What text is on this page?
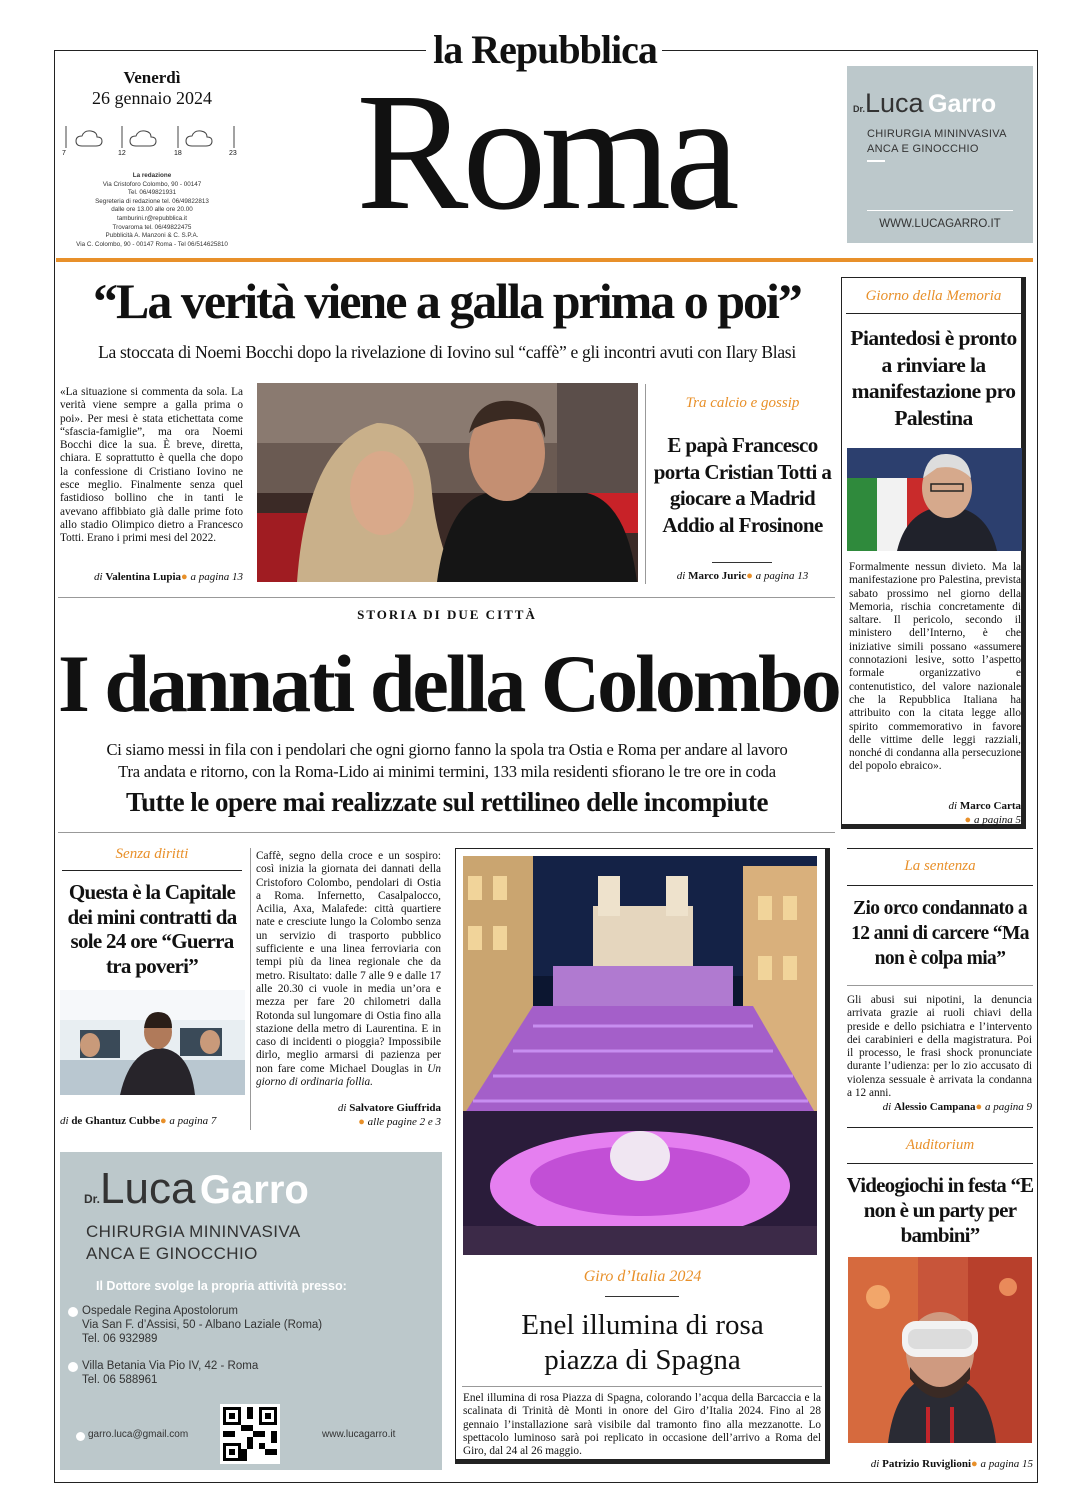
la Repubblica
Venerdì
26 gennaio 2024
7	12	18	23
La redazione
Via Cristoforo Colombo, 90 - 00147
Tel. 06/49821931
Segreteria di redazione tel. 06/49822813
dalle ore 13.00 alle ore 20.00
tamburini.r@repubblica.it
Trovaroma tel. 06/49822475
Pubblicità A. Manzoni & C. S.P.A.
Via C. Colombo, 90 - 00147 Roma - Tel 06/514625810 Roma	Dr.Luca Garro
CHIRURGIA MININVASIVA
ANCA E GINOCCHIO
WWW.LUCAGARRO.IT
“La verità viene a galla prima o poi”
La stoccata di Noemi Bocchi dopo la rivelazione di Iovino sul “caffè” e gli incontri avuti con Ilary Blasi
«La situazione si commenta da sola. La verità viene sempre a galla prima o poi». Per mesi è stata etichettata come “sfascia-famiglie”, ma ora Noemi Bocchi dice la sua. È breve, diretta, chiara. E soprattutto è quella che dopo la confessione di Cristiano Iovino ne esce meglio. Finalmente senza quel fastidioso bollino che in tanti le avevano affibbiato già dalle prime foto allo stadio Olimpico dietro a Francesco Totti. Erano i primi mesi del 2022.
di Valentina Lupia● a pagina 13
Tra calcio e gossip
E papà Francesco porta Cristian Totti a giocare a Madrid Addio al Frosinone
di Marco Juric● a pagina 13
Giorno della Memoria
Piantedosi è pronto a rinviare la manifestazione pro Palestina
Formalmente nessun divieto. Ma la manifestazione pro Palestina, prevista sabato prossimo nel giorno della Memoria, rischia concretamente di saltare. Il pericolo, secondo il ministero dell’Interno, è che iniziative simili possano «assumere connotazioni lesive, sotto l’aspetto formale organizzativo e contenutistico, del valore nazionale che la Repubblica Italiana ha attribuito con la citata legge allo spirito commemorativo in favore delle vittime delle leggi razziali, nonché di condanna alla persecuzione del popolo ebraico».
di Marco Carta
● a pagina 5
STORIA DI DUE CITTÀ
I dannati della Colombo
Ci siamo messi in fila con i pendolari che ogni giorno fanno la spola tra Ostia e Roma per andare al lavoro
Tra andata e ritorno, con la Roma-Lido ai minimi termini, 133 mila residenti sfiorano le tre ore in coda
Tutte le opere mai realizzate sul rettilineo delle incompiute
Senza diritti
Questa è la Capitale dei mini contratti da sole 24 ore “Guerra tra poveri”
di de Ghantuz Cubbe● a pagina 7
Caffè, segno della croce e un sospiro: così inizia la giornata dei dannati della Cristoforo Colombo, pendolari di Ostia a Roma. Infernetto, Casalpalocco, Acilia, Axa, Malafede: città quartiere nate e cresciute lungo la Colombo senza un servizio di trasporto pubblico sufficiente e una linea ferroviaria con tempi più da linea regionale che da metro. Risultato: dalle 7 alle 9 e dalle 17 alle 20.30 ci vuole in media un’ora e mezza per fare 20 chilometri dalla Rotonda sul lungomare di Ostia fino alla stazione della metro di Laurentina. E in caso di incidenti o pioggia? Impossibile dirlo, meglio armarsi di pazienza per non fare come Michael Douglas in Un giorno di ordinaria follia.
di Salvatore Giuffrida
● alle pagine 2 e 3
Giro d’Italia 2024
Enel illumina di rosa piazza di Spagna
Enel illumina di rosa Piazza di Spagna, colorando l’acqua della Barcaccia e la scalinata di Trinità dè Monti in onore del Giro d’Italia 2024. Fino al 28 gennaio l’installazione sarà visibile dal tramonto fino alla mezzanotte. Lo spettacolo luminoso sarà poi replicato in occasione dell’arrivo a Roma del Giro, dal 24 al 26 maggio.
Dr.Luca Garro
CHIRURGIA MININVASIVA
ANCA E GINOCCHIO
Il Dottore svolge la propria attività presso:
Ospedale Regina Apostolorum
Via San F. d’Assisi, 50 - Albano Laziale (Roma)
Tel. 06 932989
Villa Betania Via Pio IV, 42 - Roma
Tel. 06 588961
garro.luca@gmail.com	www.lucagarro.it
La sentenza
Zio orco condannato a 12 anni di carcere “Ma non è colpa mia”
Gli abusi sui nipotini, la denuncia arrivata grazie ai ruoli chiavi della preside e dello psichiatra e l’intervento dei carabinieri e della magistratura. Poi il processo, le frasi shock pronunciate durante l’udienza: per lo zio accusato di violenza sessuale è arrivata la condanna a 12 anni.
di Alessio Campana● a pagina 9
Auditorium
Videogiochi in festa “E non è un party per bambini”
di Patrizio Ruviglioni● a pagina 15
